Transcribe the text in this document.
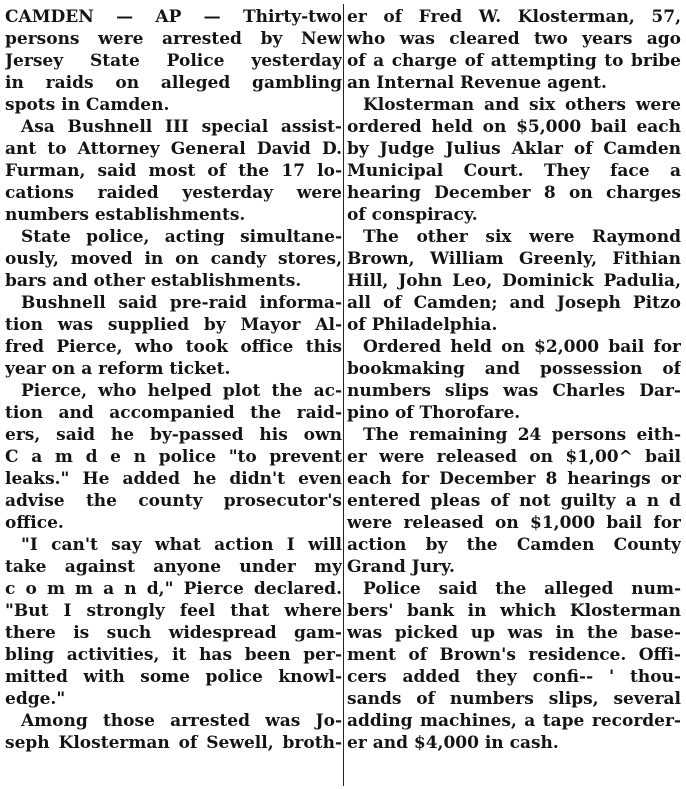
CAMDEN — AP — Thirty-two
persons were arrested by New
Jersey State Police yesterday
in raids on alleged gambling
spots in Camden.
Asa Bushnell III special assist-
ant to Attorney General David D.
Furman, said most of the 17 lo-
cations raided yesterday were
numbers establishments.
State police, acting simultane-
ously, moved in on candy stores,
bars and other establishments.
Bushnell said pre-raid informa-
tion was supplied by Mayor Al-
fred Pierce, who took office this
year on a reform ticket.
Pierce, who helped plot the ac-
tion and accompanied the raid-
ers, said he by-passed his own
C a m d e n police "to prevent
leaks." He added he didn't even
advise the county prosecutor's
office.
"I can't say what action I will
take against anyone under my
c o m m a n d," Pierce declared.
"But I strongly feel that where
there is such widespread gam-
bling activities, it has been per-
mitted with some police knowl-
edge."
Among those arrested was Jo-
seph Klosterman of Sewell, broth-
er of Fred W. Klosterman, 57,
who was cleared two years ago
of a charge of attempting to bribe
an Internal Revenue agent.
Klosterman and six others were
ordered held on $5,000 bail each
by Judge Julius Aklar of Camden
Municipal Court. They face a
hearing December 8 on charges
of conspiracy.
The other six were Raymond
Brown, William Greenly, Fithian
Hill, John Leo, Dominick Padulia,
all of Camden; and Joseph Pitzo
of Philadelphia.
Ordered held on $2,000 bail for
bookmaking and possession of
numbers slips was Charles Dar-
pino of Thorofare.
The remaining 24 persons eith-
er were released on $1,00^ bail
each for December 8 hearings or
entered pleas of not guilty a n d
were released on $1,000 bail for
action by the Camden County
Grand Jury.
Police said the alleged num-
bers' bank in which Klosterman
was picked up was in the base-
ment of Brown's residence. Offi-
cers added they confi-- ' thou-
sands of numbers slips, several
adding machines, a tape recorder-
er and $4,000 in cash.
